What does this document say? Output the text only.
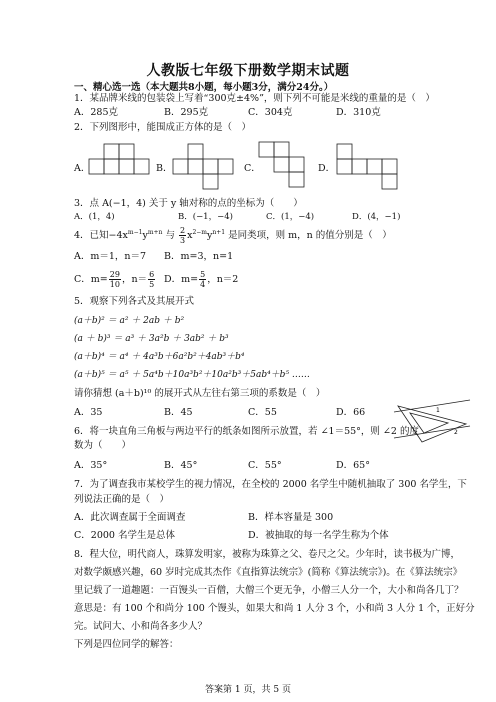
人教版七年级下册数学期末试题
一、精心选一选（本大题共8小题，每小题3分，满分24分。）
1．某品牌米线的包装袋上写着“300克±4%”，则下列不可能是米线的重量的是（　）
A．285克	B．295克	C．304克	D．310克
2．下列图形中，能围成正方体的是（　）
A．	B．	C．	D．
3．点 A(−1，4) 关于 y 轴对称的点的坐标为（　　）
A．(1，4)	B．(−1，−4)	C．(1，−4)	D．(4，−1)
4．已知$-4x^{m-1}y^{m+n}$ 与 $\frac{2}{3} x^{2-m}y^{n+1}$ 是同类项，则 m，n 的值分别是（　）
A．m＝1，n＝7 B．m=3，n=1
C．$m= \frac{29}{10}$ ，$n= \frac{6}{5}$ D．$m= \frac{5}{4}$ ，n＝2
5．观察下列各式及其展开式
(a＋b)² ＝ a² ＋ 2ab ＋ b²
(a ＋ b)³ ＝ a³ ＋ 3a²b ＋ 3ab² ＋ b³
(a＋b)⁴ ＝ a⁴ ＋ 4a³b＋6a²b²＋4ab³＋b⁴
(a＋b)⁵ ＝ a⁵ ＋ 5a⁴b＋10a³b²＋10a²b³＋5ab⁴＋b⁵ ……
请你猜想 (a＋b)¹⁰ 的展开式从左往右第三项的系数是（　）
A．35	B．45	C．55	D．66	1
2
6．将一块直角三角板与两边平行的纸条如图所示放置，若 ∠1＝55°，则 ∠2 的度
数为（　　）
A．35°	B．45°	C．55°	D．65°
7．为了调查我市某校学生的视力情况，在全校的 2000 名学生中随机抽取了 300 名学生，下
列说法正确的是（　）
A．此次调查属于全面调查	B．样本容量是 300
C．2000 名学生是总体	D．被抽取的每一名学生称为个体
8．程大位，明代商人，珠算发明家，被称为珠算之父、卷尺之父。少年时，读书极为广博，
对数学颇感兴趣，60 岁时完成其杰作《直指算法统宗》(简称《算法统宗》)。在《算法统宗》
里记载了一道趣题：一百馒头一百僧，大僧三个更无争，小僧三人分一个，大小和尚各几丁？
意思是：有 100 个和尚分 100 个馒头，如果大和尚 1 人分 3 个，小和尚 3 人分 1 个，正好分
完。试问大、小和尚各多少人？
下列是四位同学的解答：
答案第 1 页，共 5 页
